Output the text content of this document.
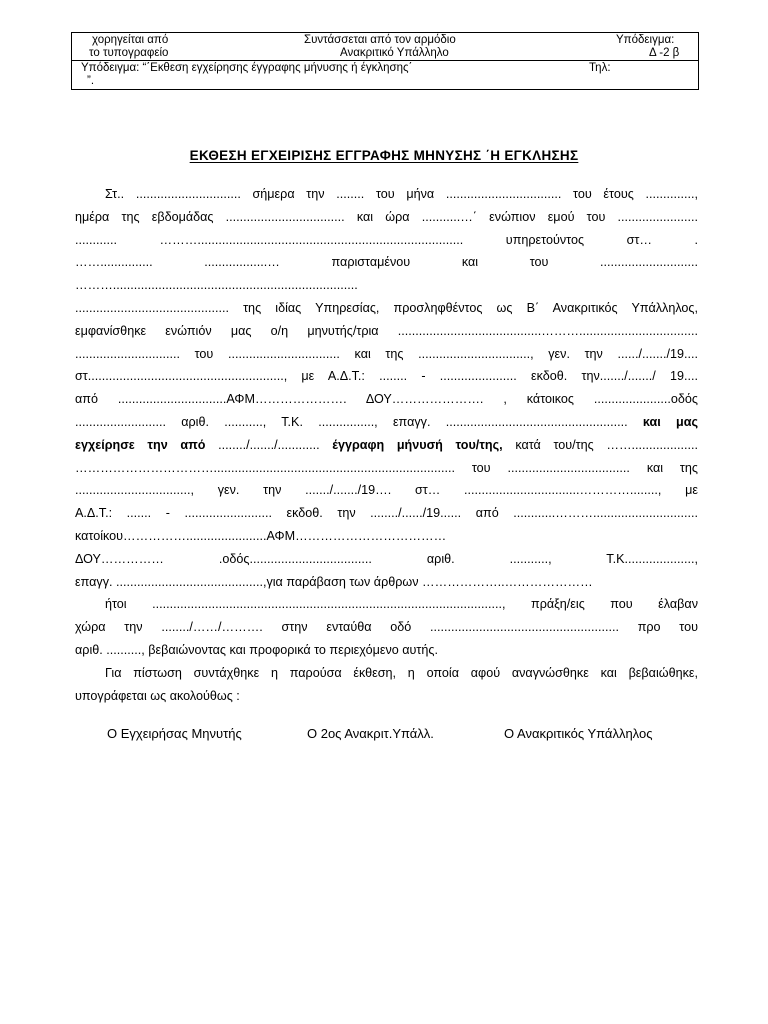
χορηγείται από	Συντάσσεται από τον αρμόδιο	Υπόδειγμα:
το τυπογραφείο	Ανακριτικό Υπάλληλο	Δ -2 β
Υπόδειγμα: “΄Εκθεση εγχείρησης έγγραφης μήνυσης ή έγκλησης΄	Τηλ:
”.
ΕΚΘΕΣΗ ΕΓΧΕΙΡΙΣΗΣ ΕΓΓΡΑΦΗΣ ΜΗΝΥΣΗΣ ΄Η ΕΓΚΛΗΣΗΣ
Στ.. .............................. σήμερα την ........ του μήνα ................................. του έτους ..............,
ημέρα της εβδομάδας .................................. και ώρα ...........…΄ ενώπιον εμού του .......................
............ ………............................................................................ υπηρετούντος στ… .
……............... ..................… παρισταμένου και του ............................
………......................................................................
............................................ της ιδίας Υπηρεσίας, προσληφθέντος ως Β΄ Ανακριτικός Υπάλληλος,
εμφανίσθηκε ενώπιόν μας ο/η μηνυτής/τρια .........................................………..................................
.............................. του ................................ και της ................................, γεν. την ....../......./19....
στ........................................................, με Α.Δ.Τ.: ........ - ...................... εκδοθ. την......./......./ 19....
από ...............................ΑΦΜ…………………. ΔΟΥ…………………. , κάτοικος ......................οδός
.......................... αριθ. ..........., Τ.Κ. ................, επαγγ. .................................................... και μας
εγχείρησε την από ......../......./............ έγγραφη μήνυσή του/της, κατά του/της ……...................
……………………………..................................................................... του ................................... και της
................................., γεν. την ......./......./19…. στ… .................................…………........, με
Α.Δ.Τ.: ....... - ......................... εκδοθ. την ......../....../19...... από ............………..............................
κατοίκου…………….......................ΑΦΜ………………………………
ΔΟΥ…………… .οδός................................... αριθ. ..........., Τ.Κ....................,
επαγγ. ..........................................,για παράβαση των άρθρων ………………..…………………
ήτοι ...................................................................................................., πράξη/εις που έλαβαν
χώρα την ......../……/………. στην ενταύθα οδό ...................................................... προ του
αριθ. .........., βεβαιώνοντας και προφορικά το περιεχόμενο αυτής.
Για πίστωση συντάχθηκε η παρούσα έκθεση, η οποία αφού αναγνώσθηκε και βεβαιώθηκε,
υπογράφεται ως ακολούθως :
Ο Εγχειρήσας Μηνυτής	Ο 2ος Ανακριτ.Υπάλλ.	Ο Ανακριτικός Υπάλληλος
